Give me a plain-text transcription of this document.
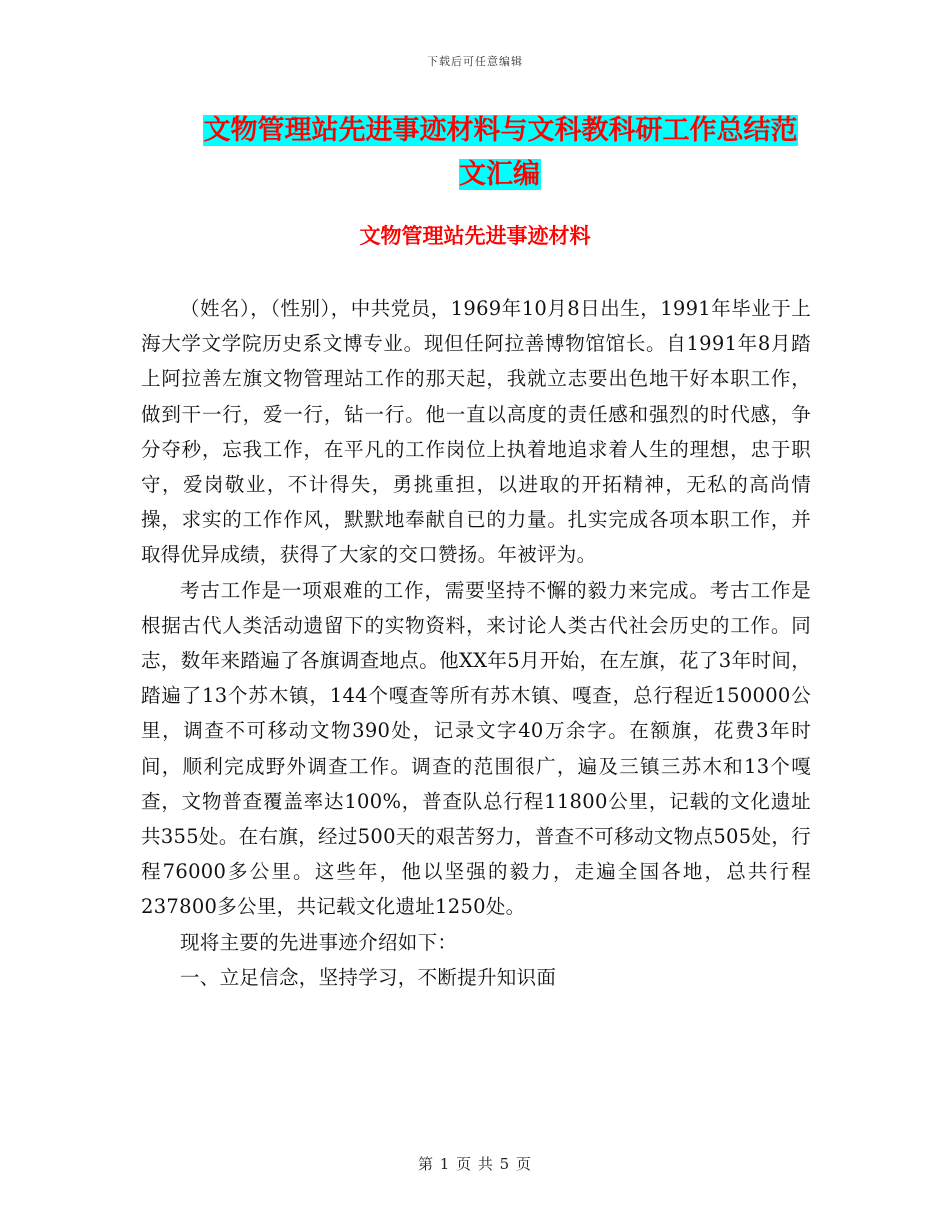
下载后可任意编辑
文物管理站先进事迹材料与文科教科研工作总结范文汇编
文物管理站先进事迹材料

（姓名），（性别），中共党员，1969年10月8日出生，1991年毕业于上海大学文学院历史系文博专业。现但任阿拉善博物馆馆长。自1991年8月踏上阿拉善左旗文物管理站工作的那天起，我就立志要出色地干好本职工作，做到干一行，爱一行，钻一行。他一直以高度的责任感和强烈的时代感，争分夺秒，忘我工作，在平凡的工作岗位上执着地追求着人生的理想，忠于职守，爱岗敬业，不计得失，勇挑重担，以进取的开拓精神，无私的高尚情操，求实的工作作风，默默地奉献自已的力量。扎实完成各项本职工作，并取得优异成绩，获得了大家的交口赞扬。年被评为。

考古工作是一项艰难的工作，需要坚持不懈的毅力来完成。考古工作是根据古代人类活动遗留下的实物资料，来讨论人类古代社会历史的工作。同志，数年来踏遍了各旗调查地点。他XX年5月开始，在左旗，花了3年时间，踏遍了13个苏木镇，144个嘎查等所有苏木镇、嘎查，总行程近150000公里，调查不可移动文物390处，记录文字40万余字。在额旗，花费3年时间，顺利完成野外调查工作。调查的范围很广，遍及三镇三苏木和13个嘎查，文物普查覆盖率达100%，普查队总行程11800公里，记载的文化遗址共355处。在右旗，经过500天的艰苦努力，普查不可移动文物点505处，行程76000多公里。这些年，他以坚强的毅力，走遍全国各地，总共行程237800多公里，共记载文化遗址1250处。

现将主要的先进事迹介绍如下：

一、立足信念，坚持学习，不断提升知识面

第 1 页 共 5 页
